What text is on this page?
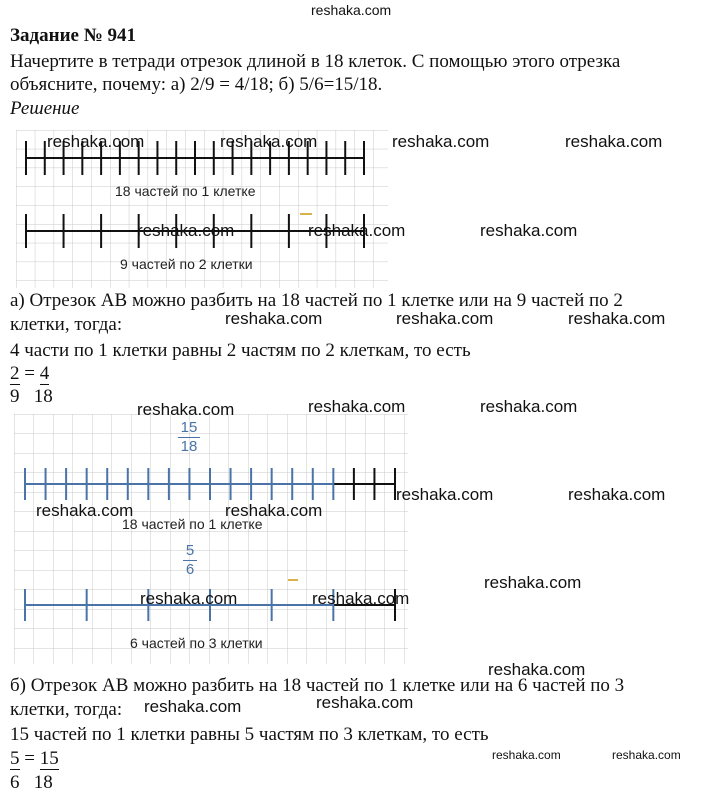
reshaka.com
Задание № 941
Начертите в тетради отрезок длиной в 18 клеток. С помощью этого отрезка
объясните, почему: а) 2/9 = 4/18; б) 5/6=15/18.
Решение
18 частей по 1 клетке
9 частей по 2 клетки
а) Отрезок АВ можно разбить на 18 частей по 1 клетке или на 9 частей по 2
клетки, тогда:
4 части по 1 клетки равны 2 частям по 2 клеткам, то есть
2 = 4
9 18
15
18
18 частей по 1 клетке
5
6
6 частей по 3 клетки
б) Отрезок АВ можно разбить на 18 частей по 1 клетке или на 6 частей по 3
клетки, тогда:
15 частей по 1 клетки равны 5 частям по 3 клеткам, то есть
5 = 15
6 18
reshaka.com	reshaka.com	reshaka.com	reshaka.com
reshaka.com	reshaka.com	reshaka.com
reshaka.com	reshaka.com	reshaka.com
reshaka.com	reshaka.com	reshaka.com
reshaka.com	reshaka.com
reshaka.com	reshaka.com
reshaka.com
reshaka.com	reshaka.com
reshaka.com
reshaka.com	reshaka.com
reshaka.com	reshaka.com
